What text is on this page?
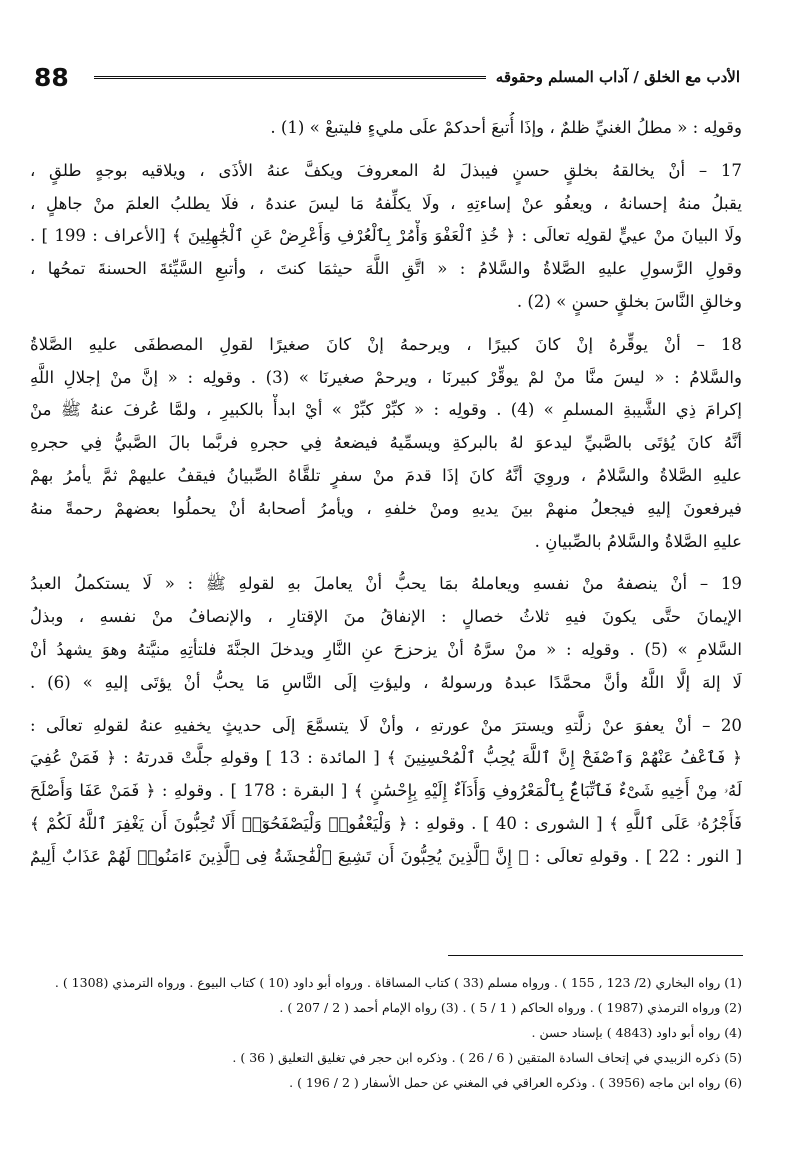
88	الأدب مع الخلق / آداب المسلم وحقوقه

وقولِه : « مطلُ الغنيِّ ظلمٌ ، وإذَا أُتبعَ أحدكمْ علَى مليءٍ فليتبعْ » (1) .

17 – أنْ يخالقهُ بخلقٍ حسنٍ فيبذلَ لهُ المعروفَ ويكفَّ عنهُ الأذَى ، ويلاقيه بوجهٍ طلقٍ ،
يقبلُ منهُ إحسانهُ ، ويعفُو عنْ إساءتِهِ ، ولَا يكلِّفهُ مَا ليسَ عندهُ ، فلَا يطلبُ العلمَ منْ جاهلٍ ،
ولَا البيانَ منْ عييٍّ لقولِه تعالَى : ﴿ خُذِ ٱلْعَفْوَ وَأْمُرْ بِٱلْعُرْفِ وَأَعْرِضْ عَنِ ٱلْجَٰهِلِينَ ﴾ [الأعراف : 199 ] .
وقولِ الرَّسولِ عليهِ الصَّلاةُ والسَّلامُ : « اتَّقِ اللَّهَ حيثمَا كنتَ ، وأتبعِ السَّيِّئةَ الحسنةَ تمحُها ،
وخالقِ النَّاسَ بخلقٍ حسنٍ » (2) .

18 – أنْ يوقِّرهُ إنْ كانَ كبيرًا ، ويرحمهُ إنْ كانَ صغيرًا لقولِ المصطفَى عليهِ الصَّلاةُ
والسَّلامُ : « ليسَ منَّا منْ لمْ يوقِّرْ كبيرنَا ، ويرحمْ صغيرنَا » (3) . وقولِه : « إنَّ منْ إجلالِ اللَّهِ
إكرامَ ذِي الشَّيبةِ المسلمِ » (4) . وقولِه : « كبِّرْ كبِّرْ » أيْ ابدأْ بالكبيرِ ، ولمَّا عُرفَ عنهُ ﷺ منْ
أنَّهُ كانَ يُؤتَى بالصَّبيِّ ليدعوَ لهُ بالبركةِ ويسمِّيهُ فيضعهُ فِي حجرهِ فربَّما بالَ الصَّبيُّ فِي حجرهِ
عليهِ الصَّلاةُ والسَّلامُ ، وروِيَ أنَّهُ كانَ إذَا قدمَ منْ سفرٍ تلقَّاهُ الصِّبيانُ فيقفُ عليهمْ ثمَّ يأمرُ بهمْ
فيرفعونَ إليهِ فيجعلُ منهمْ بينَ يديهِ ومنْ خلفهِ ، ويأمرُ أصحابهُ أنْ يحملُوا بعضهمْ رحمةً منهُ
عليهِ الصَّلاةُ والسَّلامُ بالصِّبيانِ .

19 – أنْ ينصفهُ منْ نفسهِ ويعاملهُ بمَا يحبُّ أنْ يعاملَ بهِ لقولهِ ﷺ : « لَا يستكملُ العبدُ
الإيمانَ حتَّى يكونَ فيهِ ثلاثُ خصالٍ : الإنفاقُ منَ الإقتارِ ، والإنصافُ منْ نفسهِ ، وبذلُ
السَّلامِ » (5) . وقولِه : « منْ سرَّهُ أنْ يزحزحَ عنِ النَّارِ ويدخلَ الجنَّةَ فلتأتِهِ منيَّتهُ وهوَ يشهدُ أنْ
لَا إلهَ إلَّا اللَّهُ وأنَّ محمَّدًا عبدهُ ورسولهُ ، وليؤتِ إلَى النَّاسِ مَا يحبُّ أنْ يؤتَى إليهِ » (6) .

20 – أنْ يعفوَ عنْ زلَّتهِ ويسترَ منْ عورتهِ ، وأنْ لَا يتسمَّعَ إلَى حديثٍ يخفيهِ عنهُ لقولهِ تعالَى :
﴿ فَٱعْفُ عَنْهُمْ وَٱصْفَحْ إِنَّ ٱللَّهَ يُحِبُّ ٱلْمُحْسِنِينَ ﴾ [ المائدة : 13 ] وقولهِ جلَّتْ قدرتهُ : ﴿ فَمَنْ عُفِيَ
لَهُۥ مِنْ أَخِيهِ شَىْءٌ فَٱتِّبَاعٌۢ بِٱلْمَعْرُوفِ وَأَدَآءٌ إِلَيْهِ بِإِحْسَٰنٍ ﴾ [ البقرة : 178 ] . وقولهِ : ﴿ فَمَنْ عَفَا وَأَصْلَحَ
فَأَجْرُهُۥ عَلَى ٱللَّهِ ﴾ [ الشورى : 40 ] . وقولهِ : ﴿ وَلْيَعْفُوا۟ وَلْيَصْفَحُوٓا۟ أَلَا تُحِبُّونَ أَن يَغْفِرَ ٱللَّهُ لَكُمْ ﴾
[ النور : 22 ] . وقولهِ تعالَى : ﴿ إِنَّ ٱلَّذِينَ يُحِبُّونَ أَن تَشِيعَ ٱلْفَٰحِشَةُ فِى ٱلَّذِينَ ءَامَنُوا۟ لَهُمْ عَذَابٌ أَلِيمٌ

(1) رواه البخاري (2/ 123 , 155 ) . ورواه مسلم (33 ) كتاب المساقاة . ورواه أبو داود (10 ) كتاب البيوع . ورواه الترمذي (1308 ) .
(2) ورواه الترمذي (1987 ) . ورواه الحاكم ( 1 / 5 ) . (3) رواه الإمام أحمد ( 2 / 207 ) .
(4) رواه أبو داود (4843 ) بإسناد حسن .
(5) ذكره الزبيدي في إتحاف السادة المتقين ( 6 / 26 ) . وذكره ابن حجر في تغليق التعليق ( 36 ) .
(6) رواه ابن ماجه (3956 ) . وذكره العراقي في المغني عن حمل الأسفار ( 2 / 196 ) .
